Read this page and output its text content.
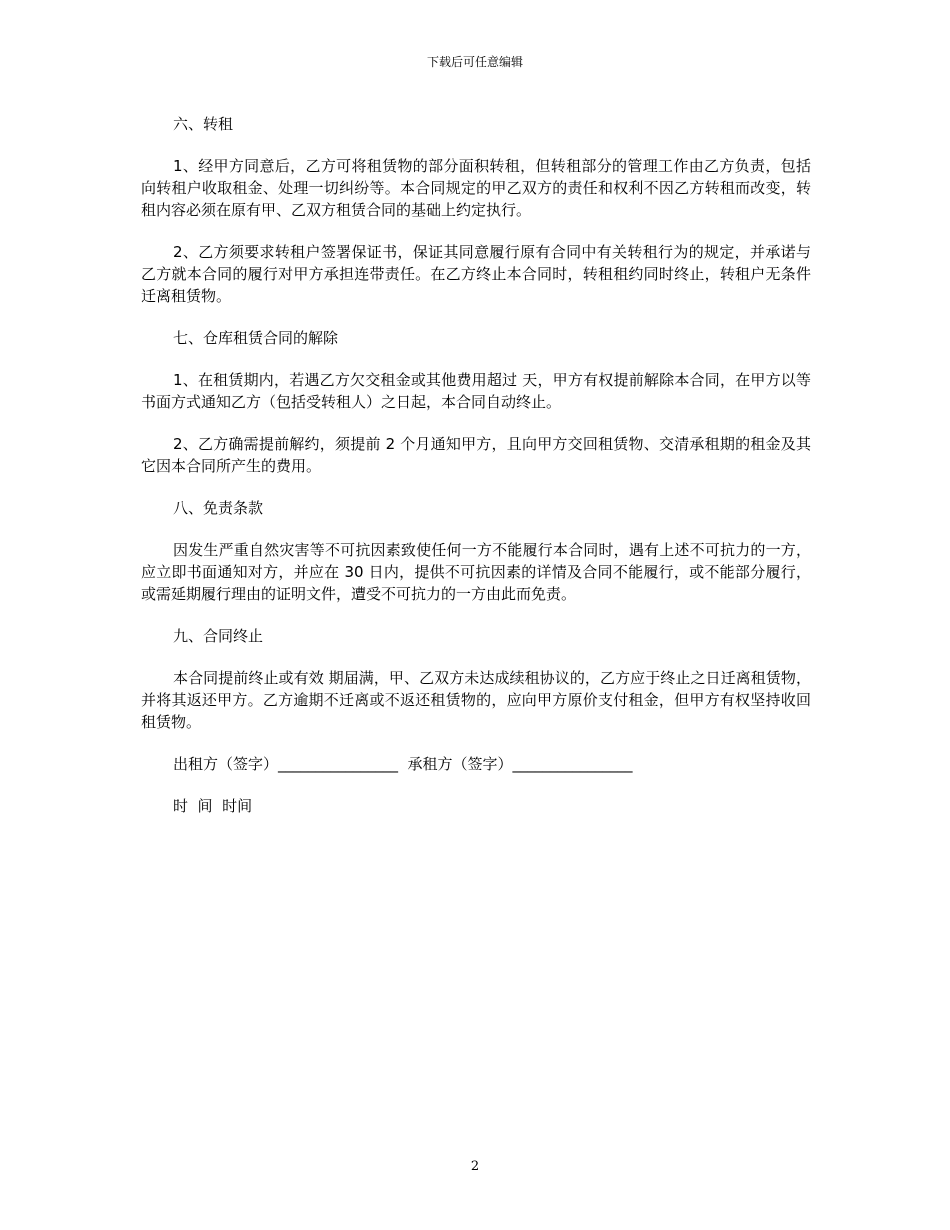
下载后可任意编辑

六、转租

1、经甲方同意后，乙方可将租赁物的部分面积转租，但转租部分的管理工作由乙方负责，包括向转租户收取租金、处理一切纠纷等。本合同规定的甲乙双方的责任和权利不因乙方转租而改变，转租内容必须在原有甲、乙双方租赁合同的基础上约定执行。

2、乙方须要求转租户签署保证书，保证其同意履行原有合同中有关转租行为的规定，并承诺与乙方就本合同的履行对甲方承担连带责任。在乙方终止本合同时，转租租约同时终止，转租户无条件迁离租赁物。

七、仓库租赁合同的解除

1、在租赁期内，若遇乙方欠交租金或其他费用超过 天，甲方有权提前解除本合同，在甲方以等书面方式通知乙方（包括受转租人）之日起，本合同自动终止。

2、乙方确需提前解约，须提前 2 个月通知甲方，且向甲方交回租赁物、交清承租期的租金及其它因本合同所产生的费用。

八、免责条款

因发生严重自然灾害等不可抗因素致使任何一方不能履行本合同时，遇有上述不可抗力的一方，应立即书面通知对方，并应在 30 日内，提供不可抗因素的详情及合同不能履行，或不能部分履行，或需延期履行理由的证明文件，遭受不可抗力的一方由此而免责。

九、合同终止

本合同提前终止或有效 期届满，甲、乙双方未达成续租协议的，乙方应于终止之日迁离租赁物，并将其返还甲方。乙方逾期不迁离或不返还租赁物的，应向甲方原价支付租金，但甲方有权坚持收回租赁物。

出租方（签字）________________  承租方（签字）________________

时  间  时间

2
